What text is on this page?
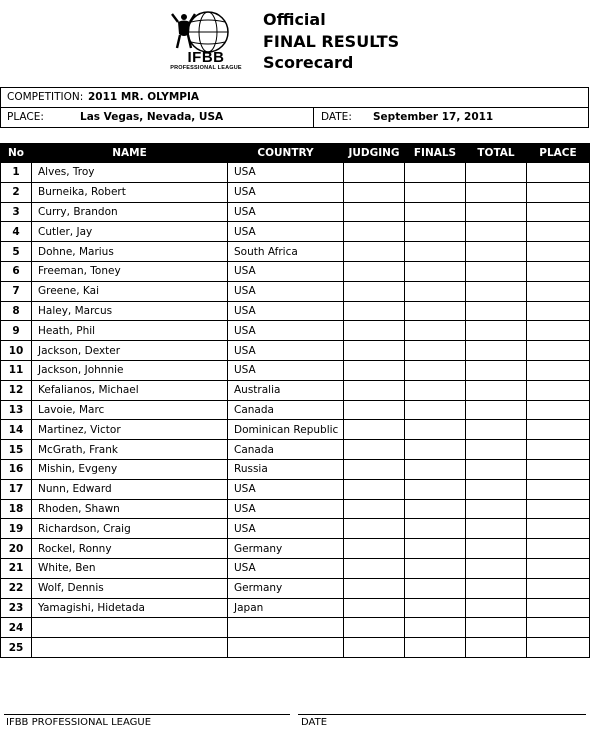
IFBB
PROFESSIONAL LEAGUE
Official
FINAL RESULTS
Scorecard
COMPETITION: 2011 MR. OLYMPIA
PLACE:	Las Vegas, Nevada, USA	DATE: September 17, 2011
No	NAME	COUNTRY	JUDGING	FINALS	TOTAL	PLACE
1	Alves, Troy	USA				
2	Burneika, Robert	USA				
3	Curry, Brandon	USA				
4	Cutler, Jay	USA				
5	Dohne, Marius	South Africa				
6	Freeman, Toney	USA				
7	Greene, Kai	USA				
8	Haley, Marcus	USA				
9	Heath, Phil	USA				
10	Jackson, Dexter	USA				
11	Jackson, Johnnie	USA				
12	Kefalianos, Michael	Australia				
13	Lavoie, Marc	Canada				
14	Martinez, Victor	Dominican Republic				
15	McGrath, Frank	Canada				
16	Mishin, Evgeny	Russia				
17	Nunn, Edward	USA				
18	Rhoden, Shawn	USA				
19	Richardson, Craig	USA				
20	Rockel, Ronny	Germany				
21	White, Ben	USA				
22	Wolf, Dennis	Germany				
23	Yamagishi, Hidetada	Japan				
24						
25						
IFBB PROFESSIONAL LEAGUE	DATE
